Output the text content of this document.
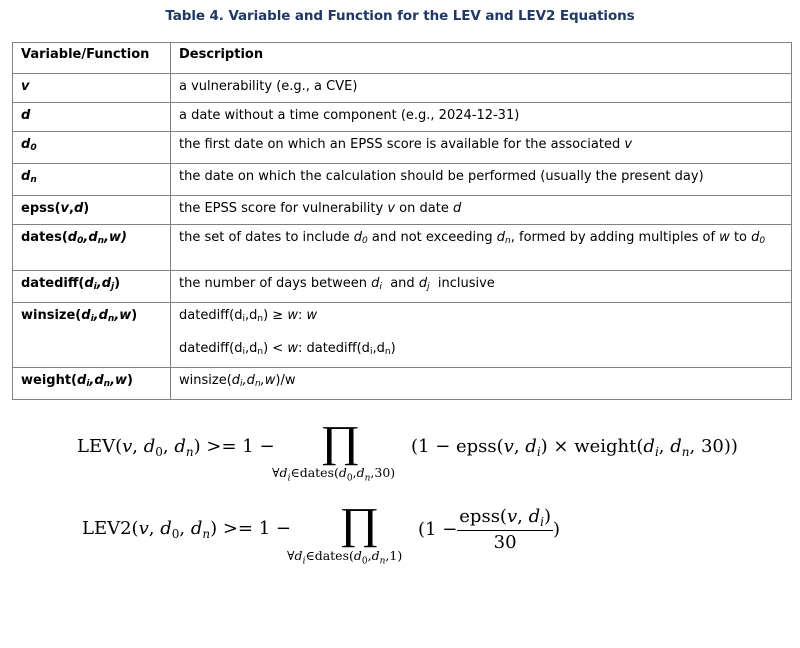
Table 4. Variable and Function for the LEV and LEV2 Equations
Variable/Function	Description
v	a vulnerability (e.g., a CVE)
d	a date without a time component (e.g., 2024-12-31)
$d_0$	the first date on which an EPSS score is available for the associated v
$d_n$	the date on which the calculation should be performed (usually the present day)
epss(v,d)	the EPSS score for vulnerability v on date d
$dates(d_0,d_n,w)$	the set of dates to include $d_0$ and not exceeding $d_n$, formed by adding multiples of w to $d_0$
$datediff(d_i,d_j)$	the number of days between $d_i$  and $d_j$  inclusive
$winsize(d_i,d_n,w)$	$datediff(d_i,d_n) \ge w$: w
$datediff(d_i,d_n) < w$: $datediff(d_i,d_n)$

$weight(d_i,d_n,w)$	$winsize(d_i,d_n,w)/w$
LEV(v, $d_0$, $d_n) >= 1$ − ∏
$\forall d_i\in dates(d_0,d_n,30)$
(1 − epss(v, $d_i$) × $weight(d_i$, $d_n$, 30))
LEV2(v, $d_0$, $d_n) >= 1$ − ∏
$\forall d_i\in dates(d_0,d_n,1)$
($1 - \frac{epss(v, d_i)}{30}$ )
